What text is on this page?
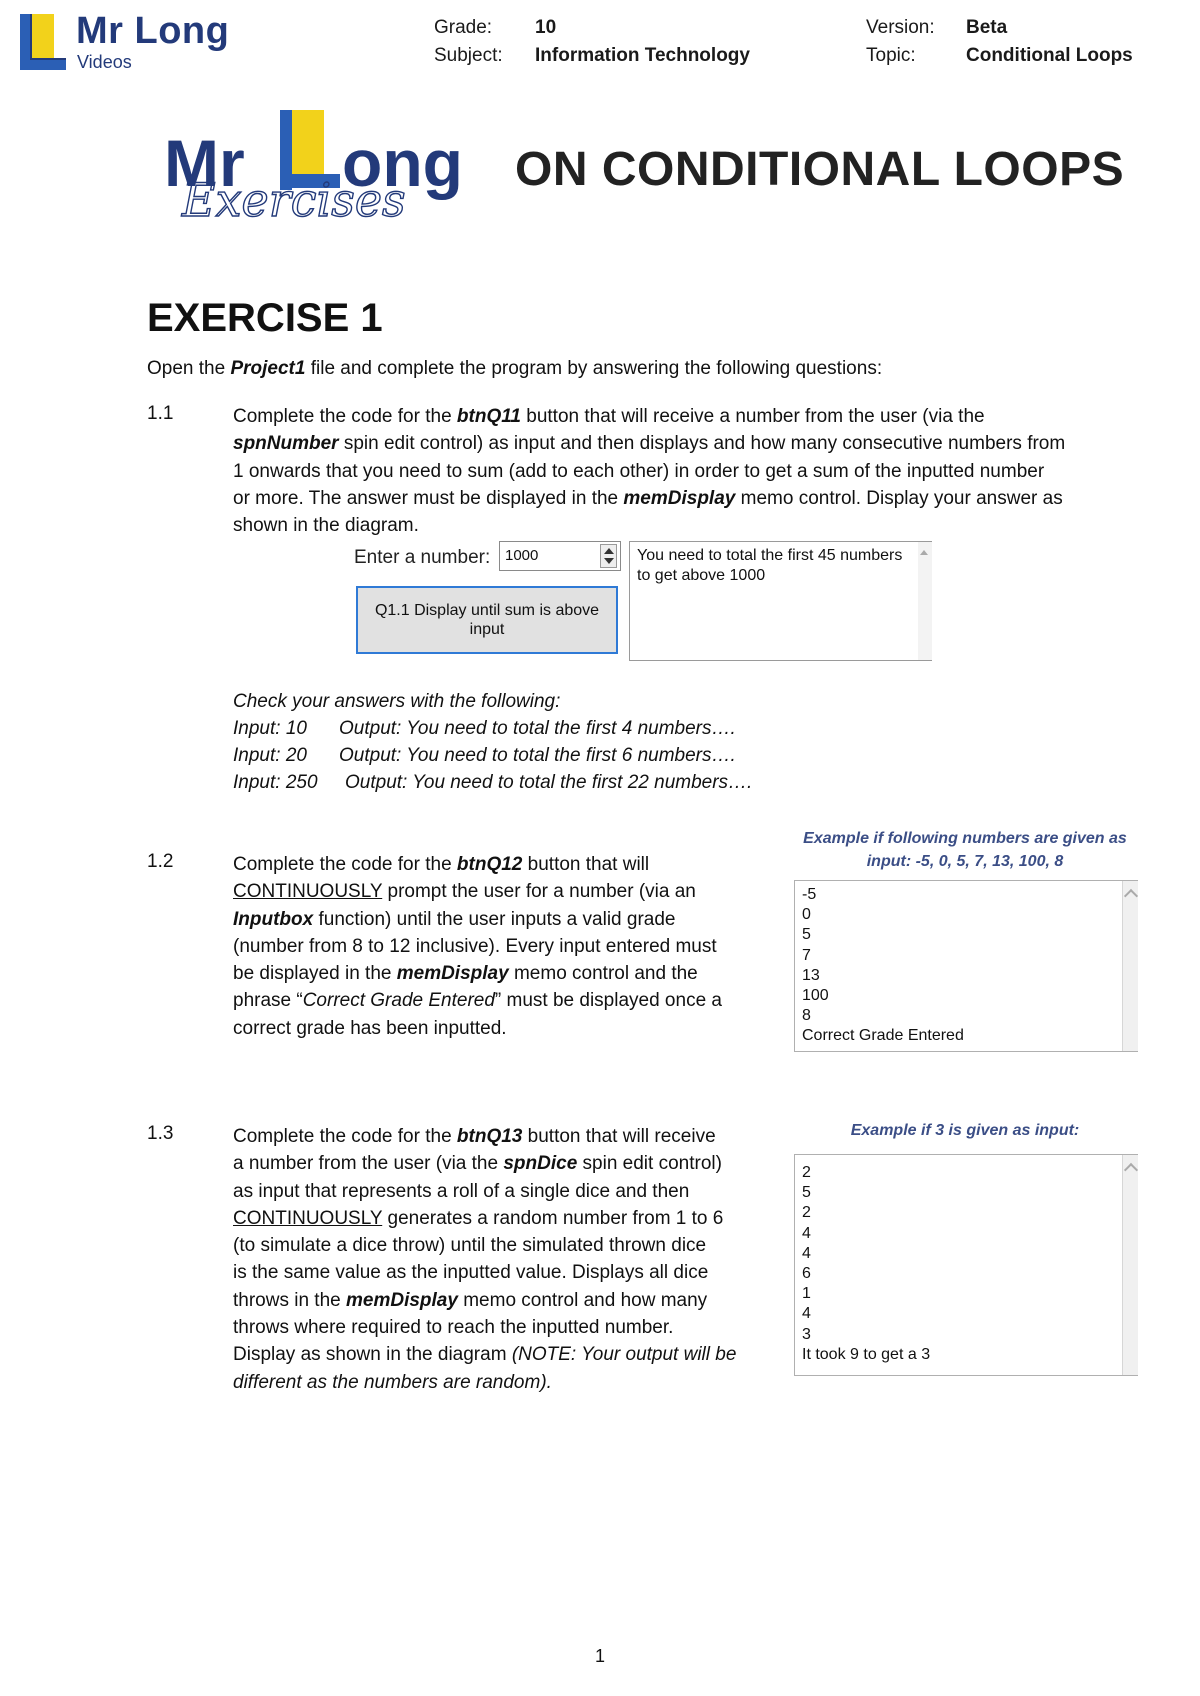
Mr Long
Videos
Grade: 10
Subject: Information Technology
Version: Beta
Topic:	Conditional Loops
Mr ong
Exercises
ON CONDITIONAL LOOPS
EXERCISE 1
Open the Project1 file and complete the program by answering the following questions:
1.1	Complete the code for the btnQ11 button that will receive a number from the user (via the
spnNumber spin edit control) as input and then displays and how many consecutive numbers from
1 onwards that you need to sum (add to each other) in order to get a sum of the inputted number
or more. The answer must be displayed in the memDisplay memo control. Display your answer as
shown in the diagram.
Enter a number: 1000
Q1.1 Display until sum is above input
You need to total the first 45 numbers to get above 1000
Check your answers with the following:
Input: 10 Output: You need to total the first 4 numbers….
Input: 20 Output: You need to total the first 6 numbers….
Input: 250 Output: You need to total the first 22 numbers….
1.2	Complete the code for the btnQ12 button that will
CONTINUOUSLY prompt the user for a number (via an
Inputbox function) until the user inputs a valid grade
(number from 8 to 12 inclusive). Every input entered must
be displayed in the memDisplay memo control and the
phrase “Correct Grade Entered” must be displayed once a
correct grade has been inputted.
Example if following numbers are given as
input: -5, 0, 5, 7, 13, 100, 8
-5
0
5
7
13
100
8
Correct Grade Entered
1.3	Complete the code for the btnQ13 button that will receive
a number from the user (via the spnDice spin edit control)
as input that represents a roll of a single dice and then
CONTINUOUSLY generates a random number from 1 to 6
(to simulate a dice throw) until the simulated thrown dice
is the same value as the inputted value. Displays all dice
throws in the memDisplay memo control and how many
throws where required to reach the inputted number.
Display as shown in the diagram (NOTE: Your output will be
different as the numbers are random).
Example if 3 is given as input:
2
5
2
4
4
6
1
4
3
It took 9 to get a 3
1
